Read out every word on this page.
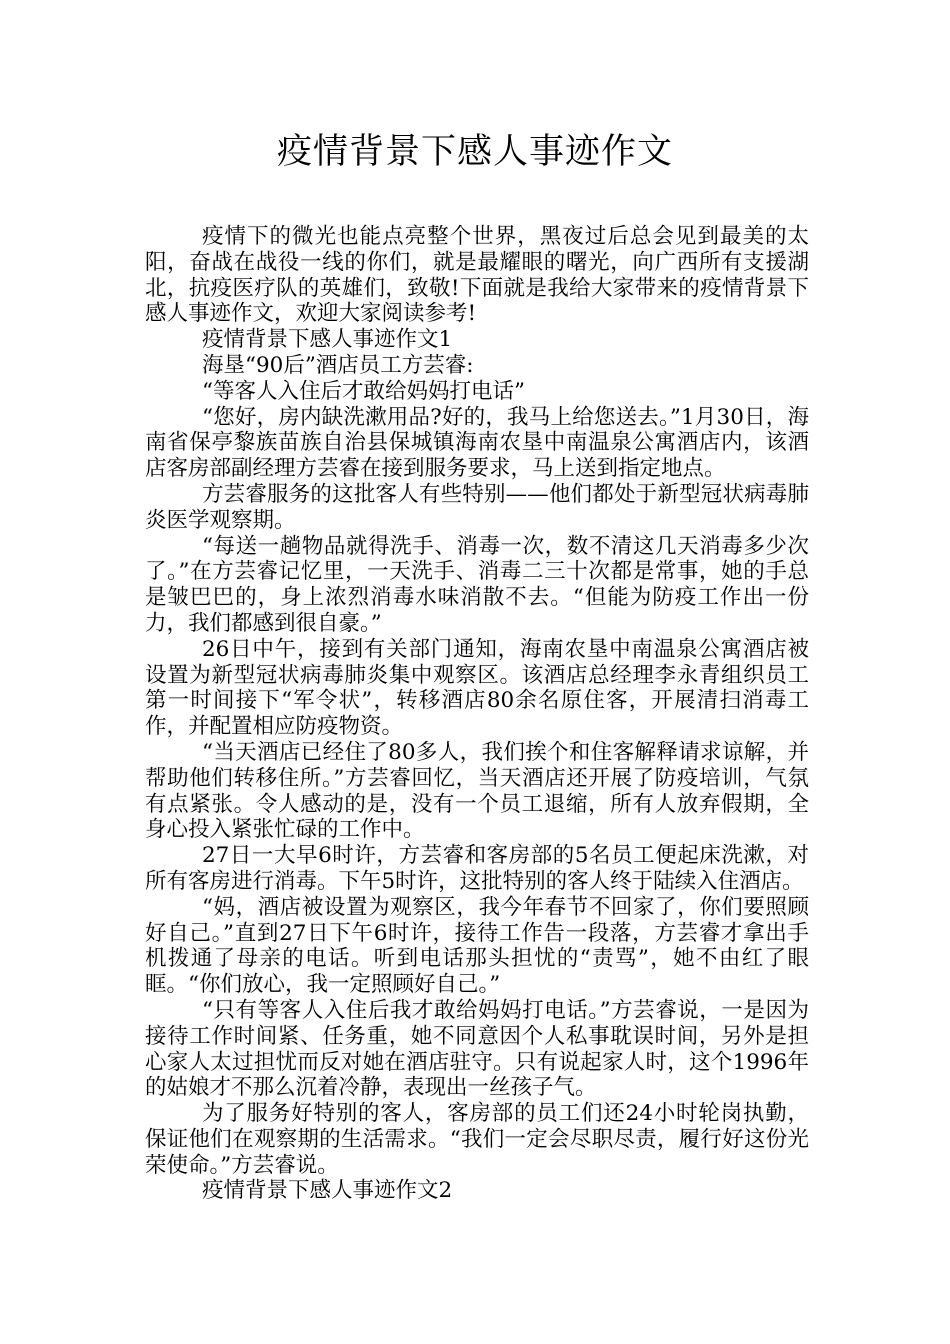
疫情背景下感人事迹作文

疫情下的微光也能点亮整个世界，黑夜过后总会见到最美的太阳，奋战在战役一线的你们，就是最耀眼的曙光，向广西所有支援湖北，抗疫医疗队的英雄们，致敬!下面就是我给大家带来的疫情背景下感人事迹作文，欢迎大家阅读参考!

疫情背景下感人事迹作文1

海垦“90后”酒店员工方芸睿:

“等客人入住后才敢给妈妈打电话”

“您好，房内缺洗漱用品?好的，我马上给您送去。”1月30日，海南省保亭黎族苗族自治县保城镇海南农垦中南温泉公寓酒店内，该酒店客房部副经理方芸睿在接到服务要求，马上送到指定地点。

方芸睿服务的这批客人有些特别——他们都处于新型冠状病毒肺炎医学观察期。

“每送一趟物品就得洗手、消毒一次，数不清这几天消毒多少次了。”在方芸睿记忆里，一天洗手、消毒二三十次都是常事，她的手总是皱巴巴的，身上浓烈消毒水味消散不去。“但能为防疫工作出一份力，我们都感到很自豪。”

26日中午，接到有关部门通知，海南农垦中南温泉公寓酒店被设置为新型冠状病毒肺炎集中观察区。该酒店总经理李永青组织员工第一时间接下“军令状”，转移酒店80余名原住客，开展清扫消毒工作，并配置相应防疫物资。

“当天酒店已经住了80多人，我们挨个和住客解释请求谅解，并帮助他们转移住所。”方芸睿回忆，当天酒店还开展了防疫培训，气氛有点紧张。令人感动的是，没有一个员工退缩，所有人放弃假期，全身心投入紧张忙碌的工作中。

27日一大早6时许，方芸睿和客房部的5名员工便起床洗漱，对所有客房进行消毒。下午5时许，这批特别的客人终于陆续入住酒店。

“妈，酒店被设置为观察区，我今年春节不回家了，你们要照顾好自己。”直到27日下午6时许，接待工作告一段落，方芸睿才拿出手机拨通了母亲的电话。听到电话那头担忧的“责骂”，她不由红了眼眶。“你们放心，我一定照顾好自己。”

“只有等客人入住后我才敢给妈妈打电话。”方芸睿说，一是因为接待工作时间紧、任务重，她不同意因个人私事耽误时间，另外是担心家人太过担忧而反对她在酒店驻守。只有说起家人时，这个1996年的姑娘才不那么沉着冷静，表现出一丝孩子气。

为了服务好特别的客人，客房部的员工们还24小时轮岗执勤，保证他们在观察期的生活需求。“我们一定会尽职尽责，履行好这份光荣使命。”方芸睿说。

疫情背景下感人事迹作文2
